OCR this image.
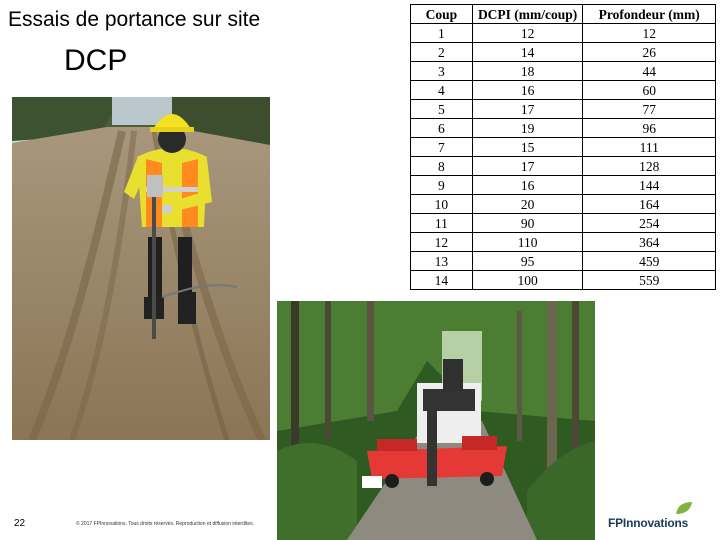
Essais de portance sur site
DCP
Coup	DCPI (mm/coup)	Profondeur (mm)
1	12	12
2	14	26
3	18	44
4	16	60
5	17	77
6	19	96
7	15	111
8	17	128
9	16	144
10	20	164
11	90	254
12	110	364
13	95	459
14	100	559
22	© 2017 FPInnovations. Tous droits réservés. Reproduction et diffusion interdites.	FPInnovations
